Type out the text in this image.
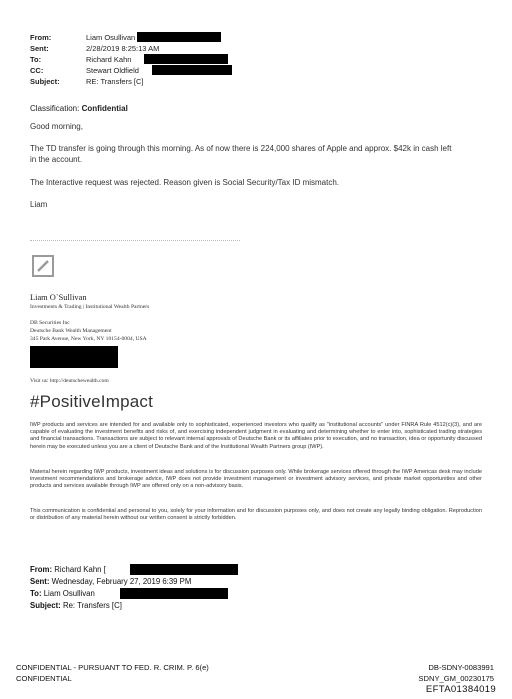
From:	Liam Osullivan
Sent:	2/28/2019 8:25:13 AM
To:	Richard Kahn
CC:	Stewart Oldfield
Subject:	RE: Transfers [C]
Classification: Confidential
Good morning,
The TD transfer is going through this morning. As of now there is 224,000 shares of Apple and approx. $42k in cash left
in the account.
The Interactive request was rejected. Reason given is Social Security/Tax ID mismatch.
Liam
Liam O`Sullivan
Investments & Trading | Institutional Wealth Partners
DB Securities Inc
Deutsche Bank Wealth Management
345 Park Avenue, New York, NY 10154-0004, USA
Visit us: http://deutschewealth.com
#PositiveImpact
IWP products and services are intended for and available only to sophisticated, experienced investors who qualify as "institutional accounts" under FINRA Rule 4512(c)(3), and are capable of evaluating the investment benefits and risks of, and exercising independent judgment in evaluating and determining whether to enter into, sophisticated trading strategies and financial transactions. Transactions are subject to relevant internal approvals of Deutsche Bank or its affiliates prior to execution, and no transaction, idea or opportunity discussed herein may be executed unless you are a client of Deutsche Bank and of the Institutional Wealth Partners group (IWP).
Material herein regarding IWP products, investment ideas and solutions is for discussion purposes only. While brokerage services offered through the IWP Americas desk may include investment recommendations and brokerage advice, IWP does not provide investment management or investment advisory services, and private market opportunities and other products and services available through IWP are offered only on a non-advisory basis.
This communication is confidential and personal to you, solely for your information and for discussion purposes only, and does not create any legally binding obligation. Reproduction or distribution of any material herein without our written consent is strictly forbidden.
From: Richard Kahn [
Sent: Wednesday, February 27, 2019 6:39 PM
To: Liam Osullivan
Subject: Re: Transfers [C]
CONFIDENTIAL - PURSUANT TO FED. R. CRIM. P. 6(e)
CONFIDENTIAL
DB-SDNY-0083991
SDNY_GM_00230175
EFTA01384019
